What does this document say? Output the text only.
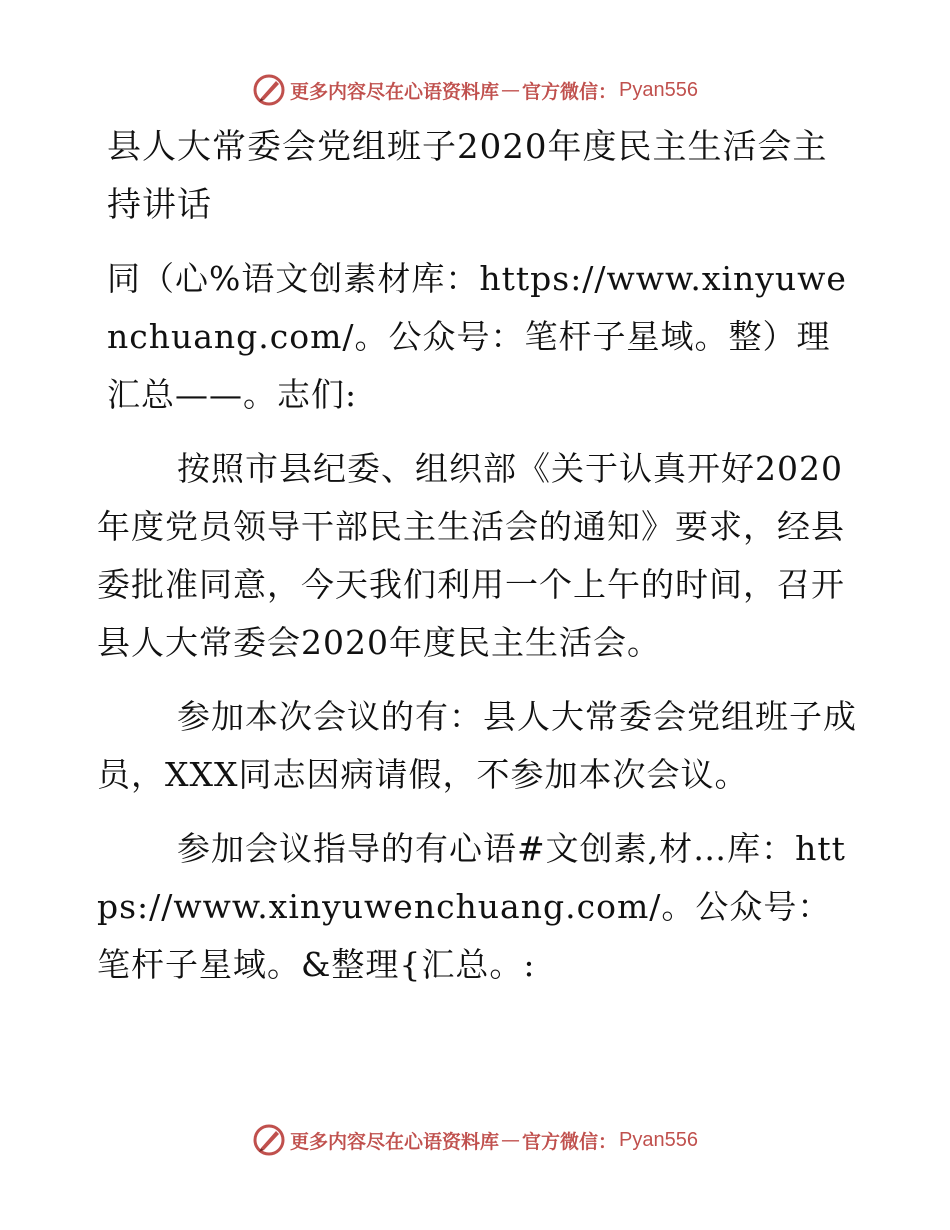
更多内容尽在心语资料库 — 官方微信： Pyan556

县人大常委会党组班子2020年度民主生活会主持讲话

同（心%语文创素材库：https://www.xinyuwenchuang.com/。公众号：笔杆子星域。整）理汇总——。志们:

按照市县纪委、组织部《关于认真开好2020年度党员领导干部民主生活会的通知》要求，经县委批准同意，今天我们利用一个上午的时间，召开县人大常委会2020年度民主生活会。

参加本次会议的有：县人大常委会党组班子成员，XXX同志因病请假，不参加本次会议。

参加会议指导的有心语#文创素,材…库：https://www.xinyuwenchuang.com/。公众号：笔杆子星域。&整理{汇总。:

更多内容尽在心语资料库 — 官方微信： Pyan556
